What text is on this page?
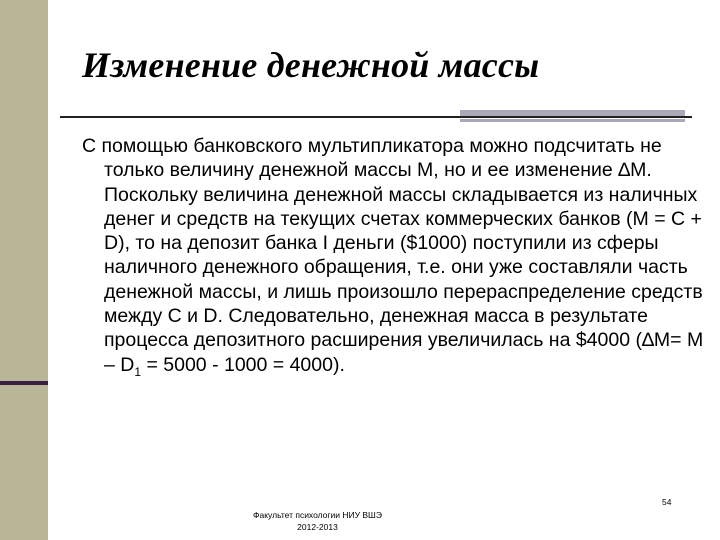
Изменение денежной массы
С помощью банковского мультипликатора можно подсчитать не только величину денежной массы М, но и ее изменение ∆М. Поскольку величина денежной массы складывается из наличных денег и средств на текущих счетах коммерческих банков (M = C + D), то на депозит банка I деньги ($1000) поступили из сферы наличного денежного обращения, т.е. они уже составляли часть денежной массы, и лишь произошло перераспределение средств между С и D. Следовательно, денежная масса в результате процесса депозитного расширения увеличилась на $4000 $(\Delta M= M - D_1 = 5000 - 1000 = 4000)$.
Факультет психологии НИУ ВШЭ
2012-2013
54
